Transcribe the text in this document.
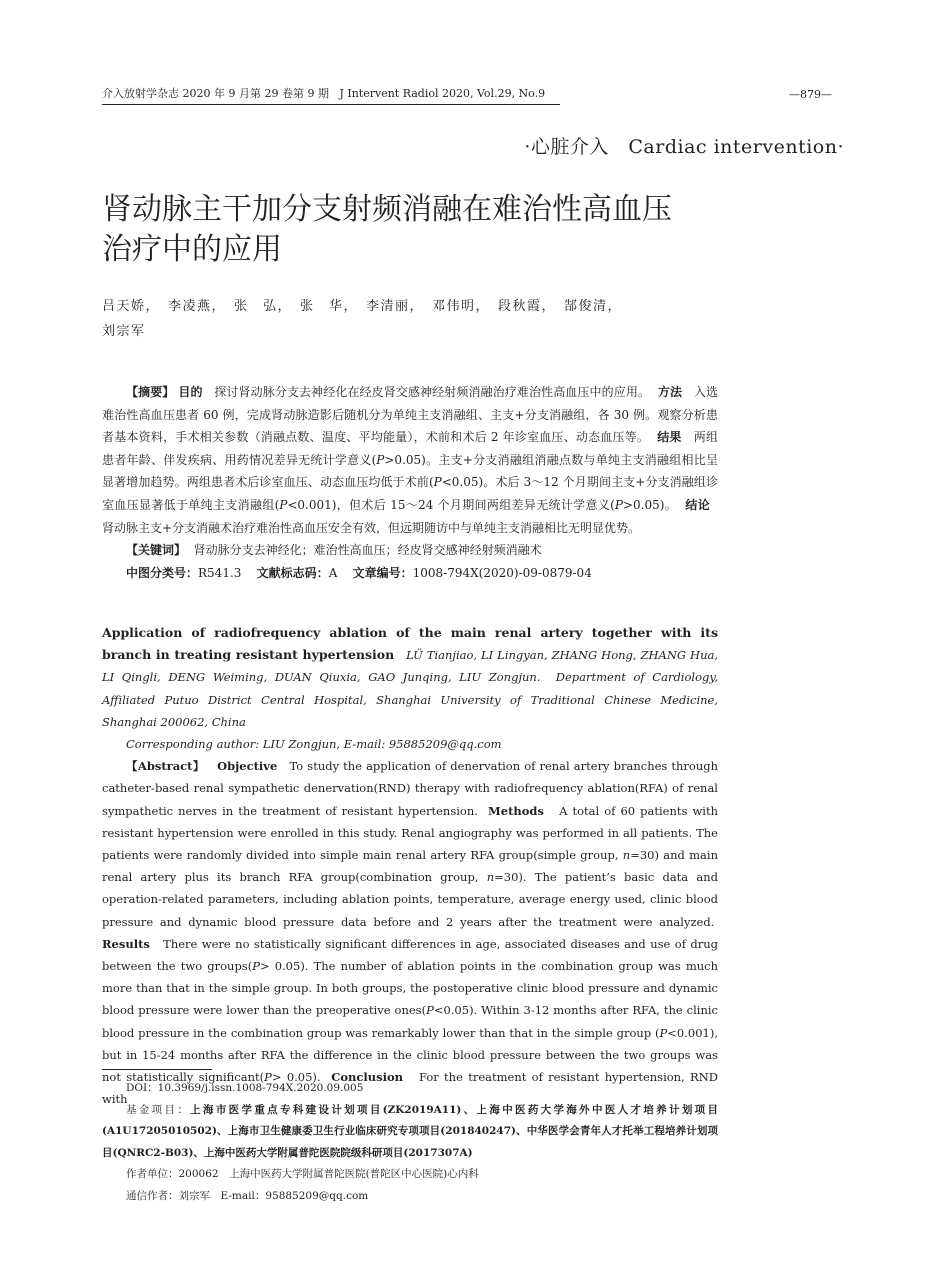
介入放射学杂志 2020 年 9 月第 29 卷第 9 期 J Intervent Radiol 2020, Vol.29, No.9	—879—
·心脏介入　Cardiac intervention·
肾动脉主干加分支射频消融在难治性高血压
治疗中的应用
吕天娇，　李凌燕，　张　弘，　张　华，　李清丽，　邓伟明，　段秋霞，　郜俊清，
刘宗军

【摘要】 目的 探讨肾动脉分支去神经化在经皮肾交感神经射频消融治疗难治性高血压中的应用。 方法 入选难治性高血压患者 60 例，完成肾动脉造影后随机分为单纯主支消融组、主支+分支消融组，各 30 例。观察分析患者基本资料，手术相关参数（消融点数、温度、平均能量），术前和术后 2 年诊室血压、动态血压等。 结果 两组患者年龄、伴发疾病、用药情况差异无统计学意义(P>0.05)。主支+分支消融组消融点数与单纯主支消融组相比呈显著增加趋势。两组患者术后诊室血压、动态血压均低于术前(P<0.05)。术后 3～12 个月期间主支+分支消融组诊室血压显著低于单纯主支消融组(P<0.001)，但术后 15～24 个月期间两组差异无统计学意义(P>0.05)。 结论   肾动脉主支+分支消融术治疗难治性高血压安全有效，但远期随访中与单纯主支消融相比无明显优势。

【关键词】 肾动脉分支去神经化；难治性高血压；经皮肾交感神经射频消融术

中图分类号：R541.3 文献标志码：A 文章编号：1008-794X(2020)-09-0879-04

Application of radiofrequency ablation of the main renal artery together with its branch in treating resistant hypertension LÜ Tianjiao, LI Lingyan, ZHANG Hong, ZHANG Hua, LI Qingli, DENG Weiming, DUAN Qiuxia, GAO Junqing, LIU Zongjun. Department of Cardiology, Affiliated Putuo District Central Hospital, Shanghai University of Traditional Chinese Medicine, Shanghai 200062, China

Corresponding author: LIU Zongjun, E-mail: 95885209@qq.com

【Abstract】 Objective To study the application of denervation of renal artery branches through catheter-based renal sympathetic denervation(RND) therapy with radiofrequency ablation(RFA) of renal sympathetic nerves in the treatment of resistant hypertension. Methods A total of 60 patients with resistant hypertension were enrolled in this study. Renal angiography was performed in all patients. The patients were randomly divided into simple main renal artery RFA group(simple group, n=30) and main renal artery plus its branch RFA group(combination group, n=30). The patient’s basic data and operation-related parameters, including ablation points, temperature, average energy used, clinic blood pressure and dynamic blood pressure data before and 2 years after the treatment were analyzed.  Results There were no statistically significant differences in age, associated diseases and use of drug between the two groups(P> 0.05). The number of ablation points in the combination group was much more than that in the simple group. In both groups, the postoperative clinic blood pressure and dynamic blood pressure were lower than the preoperative ones(P<0.05). Within 3-12 months after RFA, the clinic blood pressure in the combination group was remarkably lower than that in the simple group (P<0.001), but in 15-24 months after RFA the difference in the clinic blood pressure between the two groups was not statistically significant(P> 0.05). Conclusion For the treatment of resistant hypertension, RND with

DOI：10.3969/j.issn.1008-794X.2020.09.005

基金项目：上海市医学重点专科建设计划项目(ZK2019A11)、上海中医药大学海外中医人才培养计划项目(A1U17205010502)、上海市卫生健康委卫生行业临床研究专项项目(201840247)、中华医学会青年人才托举工程培养计划项目(QNRC2-B03)、上海中医药大学附属普陀医院院级科研项目(2017307A)

作者单位：200062　上海中医药大学附属普陀医院(普陀区中心医院)心内科

通信作者：刘宗军　E-mail：95885209@qq.com
